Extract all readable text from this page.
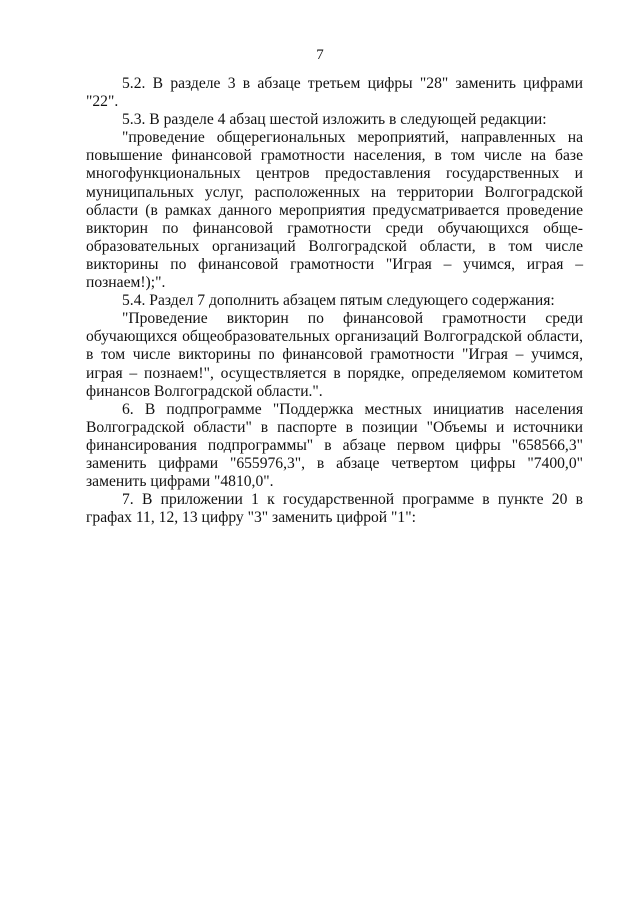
7

5.2. В разделе 3 в абзаце третьем цифры "28" заменить цифрами "22".

5.3. В разделе 4 абзац шестой изложить в следующей редакции:

"проведение общерегиональных мероприятий, направленных на повышение финансовой грамотности населения, в том числе на базе многофункциональных центров предоставления государственных и муниципальных услуг, расположенных на территории Волгоградской области (в рамках данного мероприятия предусматривается проведение викторин по финансовой грамотности среди обучающихся общеобразовательных организаций Волгоградской области, в том числе викторины по финансовой грамотности "Играя – учимся, играя – познаем!);".

5.4. Раздел 7 дополнить абзацем пятым следующего содержания:

"Проведение викторин по финансовой грамотности среди обучающихся общеобразовательных организаций Волгоградской области, в том числе викторины по финансовой грамотности "Играя – учимся, играя – познаем!", осуществляется в порядке, определяемом комитетом финансов Волгоградской области.".

6. В подпрограмме "Поддержка местных инициатив населения Волгоградской области" в паспорте в позиции "Объемы и источники финансирования подпрограммы" в абзаце первом цифры "658566,3" заменить цифрами "655976,3", в абзаце четвертом цифры "7400,0" заменить цифрами "4810,0".

7. В приложении 1 к государственной программе в пункте 20 в графах 11, 12, 13 цифру "3" заменить цифрой "1":
